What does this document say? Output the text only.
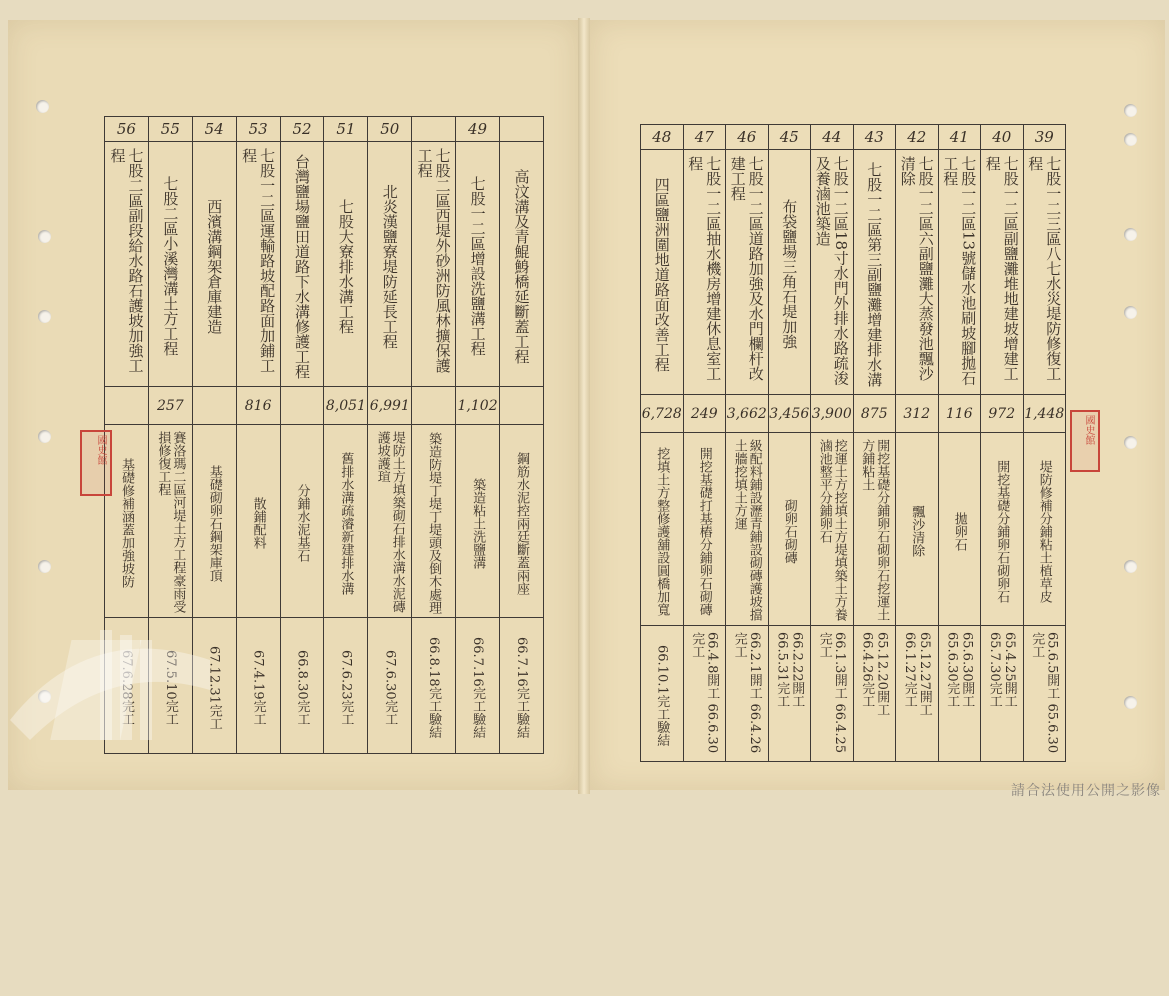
56	55	54	53	52	51	50		49	
七股二區副段給水路石護坡加強工程	七股二區小溪灣溝土方工程	西濱溝鋼架倉庫建造	七股一二區運輸路坡配路面加鋪工程	台灣鹽場鹽田道路下水溝修護工程	七股大寮排水溝工程	北炎漢鹽寮堤防延長工程	七股二區西堤外砂洲防風林擴保護工程	七股一二區增設洗鹽溝工程	高汶溝及青鯤鯓橋延斷蓋工程
	257		816		8,051	6,991		1,102	
基礎修補涵蓋加強坡防	賽洛瑪二區河堤土方工程豪雨受損修復工程	基礎砌卵石鋼架庫頂	散鋪配料	分鋪水泥基石	舊排水溝疏濬新建排水溝	堤防土方填築砌石排水溝水泥磚護坡護瑄	築造防堤丁堤丁堤頭及倒木處理	築造粘土洗鹽溝	鋼筋水泥控兩廷斷蓋兩座
67.6.28完工	67.5.10完工	67.12.31完工	67.4.19完工	66.8.30完工	67.6.23完工	67.6.30完工	66.8.18完工驗結	66.7.16完工驗結	66.7.16完工驗結
48	47	46	45	44	43	42	41	40	39
四區鹽洲圍地道路面改善工程	七股一二區抽水機房增建休息室工程	七股一二區道路加強及水門欄杆改建工程	布袋鹽場三角石堤加強	七股一二區18寸水門外排水路疏浚及養滷池築造	七股一二區第三副鹽灘增建排水溝	七股一二區六副鹽灘大蒸發池飄沙清除	七股一二區13號儲水池刷坡腳拋石工程	七股一二區副鹽灘堆地建坡增建工程	七股一二三區八七水災堤防修復工程
6,728	249	3,662	3,456	3,900	875	312	116	972	1,448
挖填土方整修護舖設圓橋加寬	開挖基礎打基樁分鋪卵石砌磚	級配料鋪設瀝青鋪設砌磚護坡擋土牆挖填土方運	砌卵石砌磚	挖運土方挖填土方堤填築土方養滷池整平分鋪卵石	開挖基礎分鋪卵石砌卵石挖運土方鋪粘土	飄沙清除	拋卵石	開挖基礎分鋪卵石砌卵石	堤防修補分鋪粘土植草皮
66.10.1完工驗結	66.4.8開工 66.6.30完工	66.2.1開工 66.4.26完工	66.2.22開工 66.5.31完工	66.1.3開工 66.4.25完工	65.12.20開工 66.4.26完工	65.12.27開工 66.1.27完工	65.6.30開工 65.6.30完工	65.4.25開工 65.7.30完工	65.6.5開工 65.6.30完工
國史館
國史館
請合法使用公開之影像
